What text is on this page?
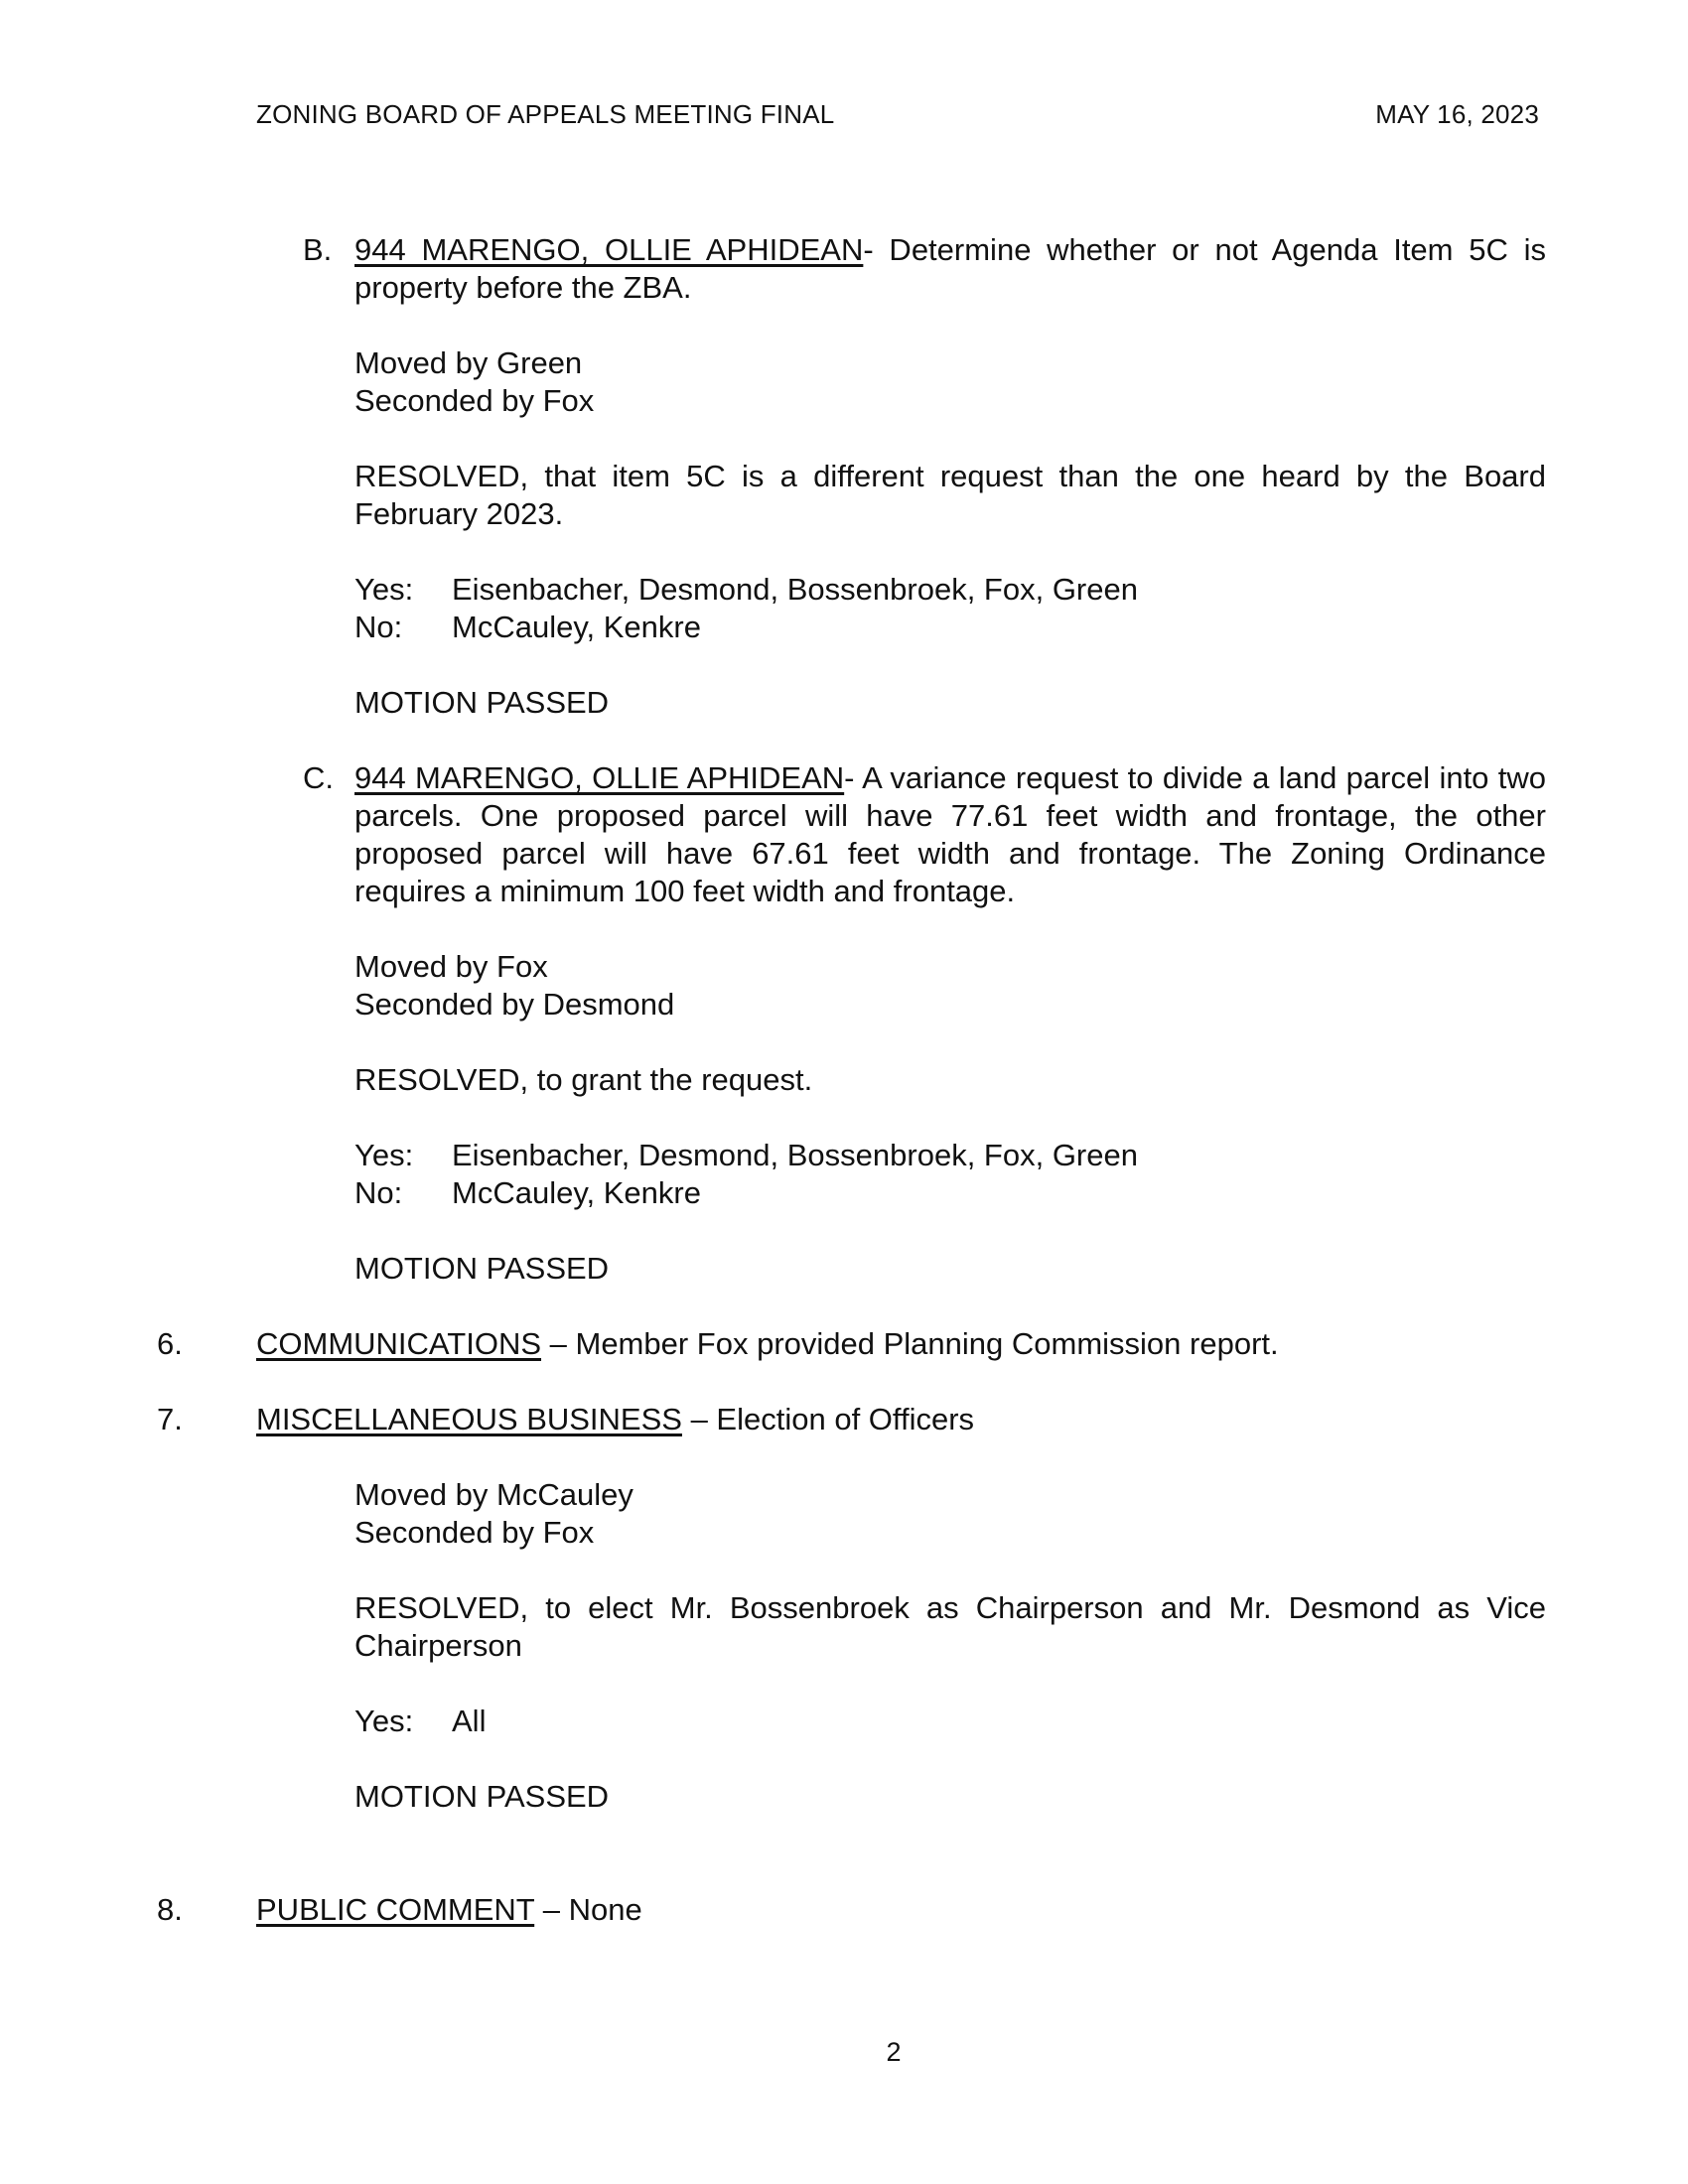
ZONING BOARD OF APPEALS MEETING FINAL	MAY 16, 2023
B. 944 MARENGO, OLLIE APHIDEAN- Determine whether or not Agenda Item 5C is property before the ZBA.
Moved by Green
Seconded by Fox
RESOLVED, that item 5C is a different request than the one heard by the Board February 2023.
Yes: Eisenbacher, Desmond, Bossenbroek, Fox, Green
No: McCauley, Kenkre
MOTION PASSED
C. 944 MARENGO, OLLIE APHIDEAN- A variance request to divide a land parcel into two parcels. One proposed parcel will have 77.61 feet width and frontage, the other proposed parcel will have 67.61 feet width and frontage. The Zoning Ordinance requires a minimum 100 feet width and frontage.
Moved by Fox
Seconded by Desmond
RESOLVED, to grant the request.
Yes: Eisenbacher, Desmond, Bossenbroek, Fox, Green
No: McCauley, Kenkre
MOTION PASSED
6. COMMUNICATIONS – Member Fox provided Planning Commission report.
7. MISCELLANEOUS BUSINESS – Election of Officers
Moved by McCauley
Seconded by Fox
RESOLVED, to elect Mr. Bossenbroek as Chairperson and Mr. Desmond as Vice Chairperson
Yes: All
MOTION PASSED
8. PUBLIC COMMENT – None
2
